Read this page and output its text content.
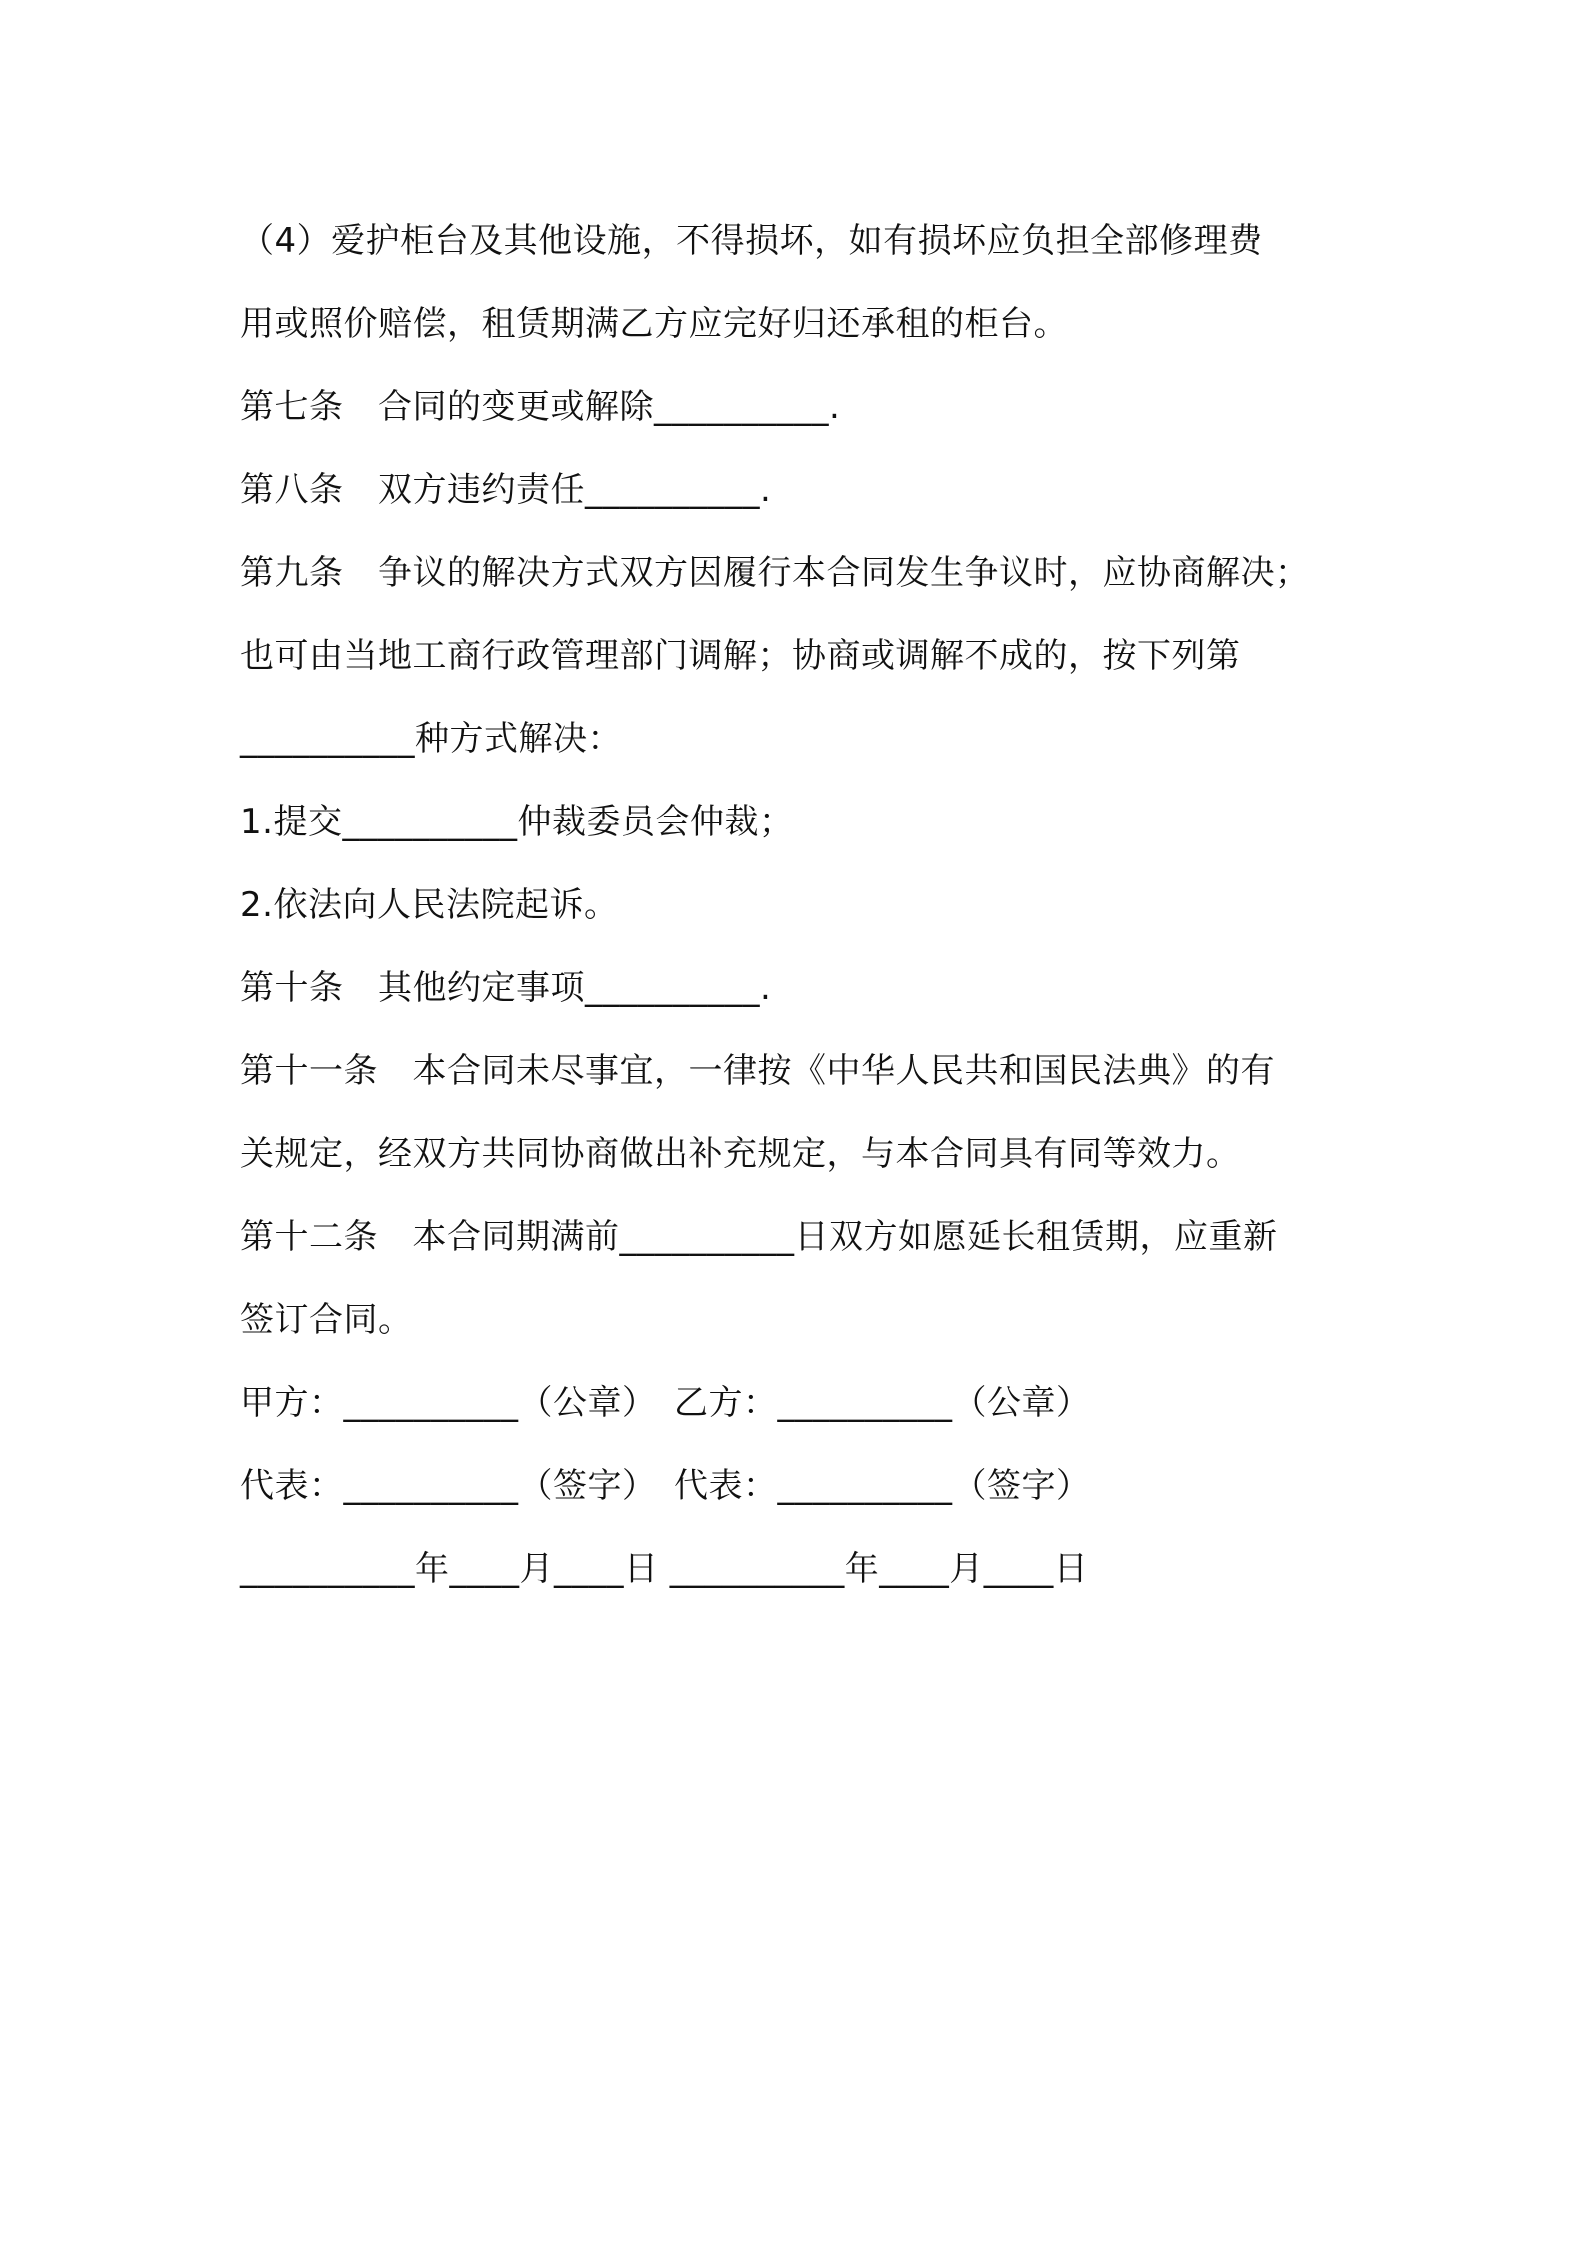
（4）爱护柜台及其他设施，不得损坏，如有损坏应负担全部修理费
用或照价赔偿，租赁期满乙方应完好归还承租的柜台。
第七条　合同的变更或解除__________.
第八条　双方违约责任__________.
第九条　争议的解决方式双方因履行本合同发生争议时，应协商解决；
也可由当地工商行政管理部门调解；协商或调解不成的，按下列第
__________种方式解决：
1.提交__________仲裁委员会仲裁；
2.依法向人民法院起诉。
第十条　其他约定事项__________.
第十一条　本合同未尽事宜，一律按《中华人民共和国民法典》的有
关规定，经双方共同协商做出补充规定，与本合同具有同等效力。
第十二条　本合同期满前__________日双方如愿延长租赁期，应重新
签订合同。
甲方：__________（公章）　乙方：__________（公章）
代表：__________（签字）　代表：__________（签字）
__________年____月____日 __________年____月____日
